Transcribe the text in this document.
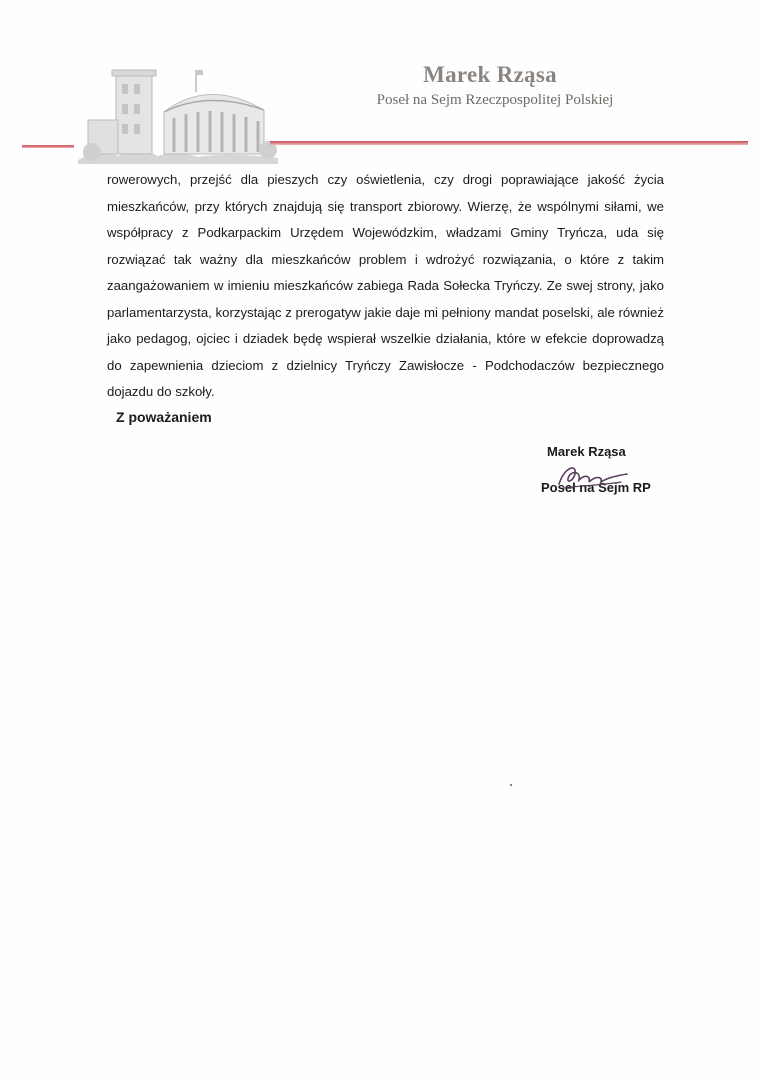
Marek Rząsa

Poseł na Sejm Rzeczpospolitej Polskiej

rowerowych, przejść dla pieszych czy oświetlenia, czy drogi poprawiające jakość życia mieszkańców, przy których znajdują się transport zbiorowy. Wierzę, że wspólnymi siłami, we współpracy z Podkarpackim Urzędem Wojewódzkim, władzami Gminy Tryńcza, uda się rozwiązać tak ważny dla mieszkańców problem i wdrożyć rozwiązania, o które z takim zaangażowaniem w imieniu mieszkańców zabiega Rada Sołecka Tryńczy. Ze swej strony, jako parlamentarzysta, korzystając z prerogatyw jakie daje mi pełniony mandat poselski, ale również jako pedagog, ojciec i dziadek będę wspierał wszelkie działania, które w efekcie doprowadzą do zapewnienia dzieciom z dzielnicy Tryńczy Zawisłocze - Podchodaczów bezpiecznego dojazdu do szkoły.

Z poważaniem

Marek Rząsa

Poseł na Sejm RP
